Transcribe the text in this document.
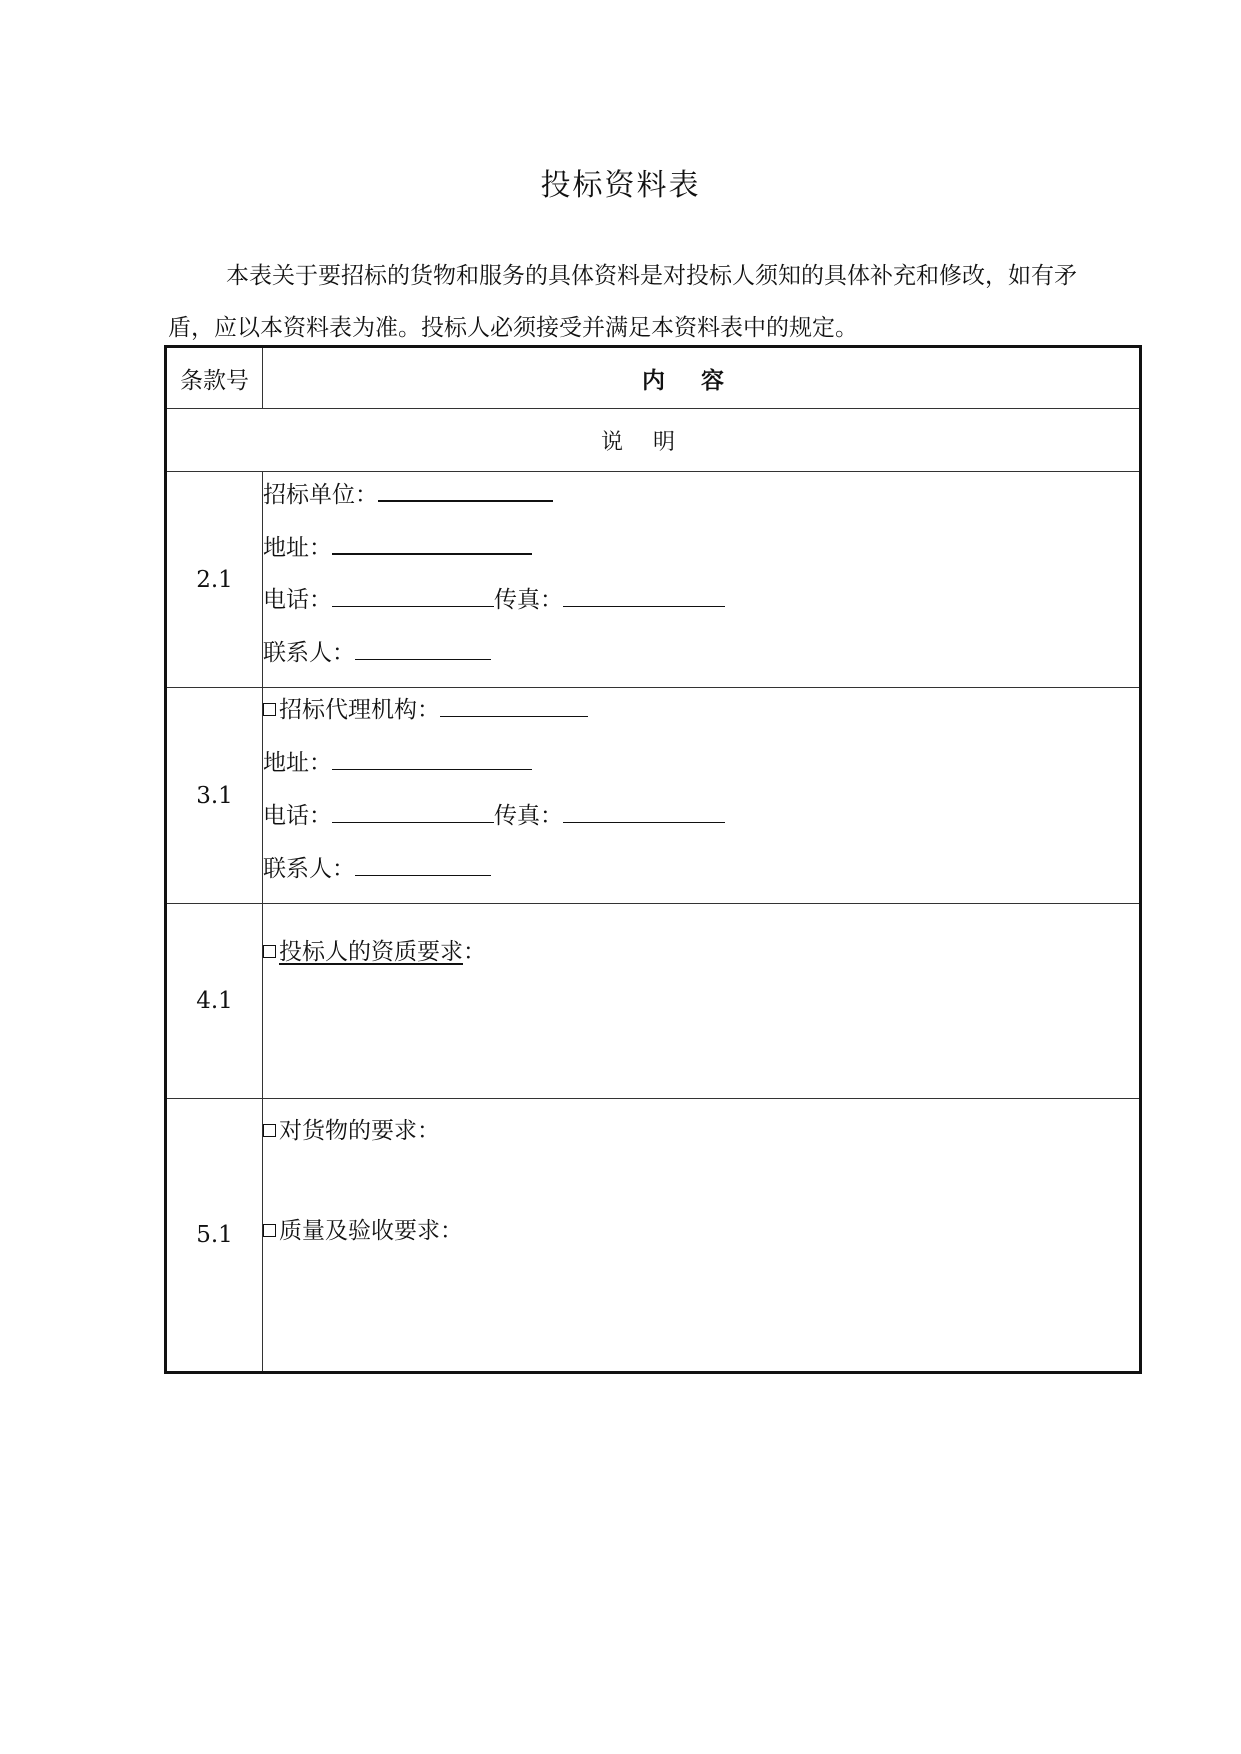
投标资料表
本表关于要招标的货物和服务的具体资料是对投标人须知的具体补充和修改，如有矛盾，应以本资料表为准。投标人必须接受并满足本资料表中的规定。
条款号	内容
说明	
2.1	招标单位：
地址：
电话： 传真：
联系人：

3.1	招标代理机构：
地址：
电话： 传真：
联系人：

4.1	投标人的资质要求：

5.1	对货物的要求：
质量及验收要求：
